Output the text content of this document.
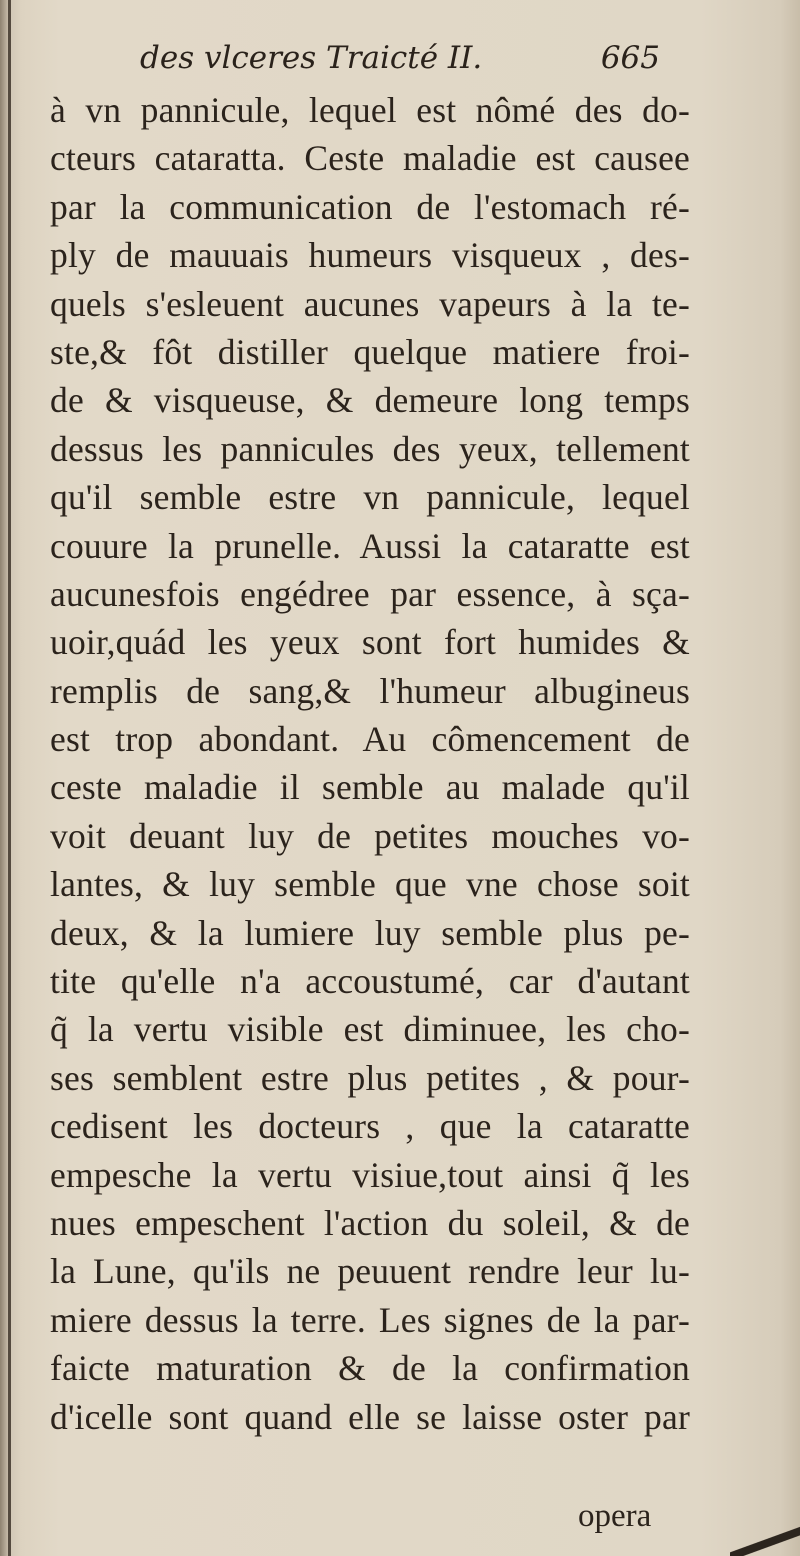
des vlceres Traicté II.	665
à vn pannicule, lequel est nômé des do-
cteurs cataratta. Ceste maladie est causee
par la communication de l'estomach ré-
ply de mauuais humeurs visqueux , des-
quels s'esleuent aucunes vapeurs à la te-
ste,& fôt distiller quelque matiere froi-
de & visqueuse, & demeure long temps
dessus les pannicules des yeux, tellement
qu'il semble estre vn pannicule, lequel
couure la prunelle. Aussi la cataratte est
aucunesfois engédree par essence, à sça-
uoir,quád les yeux sont fort humides &
remplis de sang,& l'humeur albugineus
est trop abondant. Au cômencement de
ceste maladie il semble au malade qu'il
voit deuant luy de petites mouches vo-
lantes, & luy semble que vne chose soit
deux, & la lumiere luy semble plus pe-
tite qu'elle n'a accoustumé, car d'autant
q̃ la vertu visible est diminuee, les cho-
ses semblent estre plus petites , & pour-
cedisent les docteurs , que la cataratte
empesche la vertu visiue,tout ainsi q̃ les
nues empeschent l'action du soleil, & de
la Lune, qu'ils ne peuuent rendre leur lu-
miere dessus la terre. Les signes de la par-
faicte maturation & de la confirmation
d'icelle sont quand elle se laisse oster par
opera
